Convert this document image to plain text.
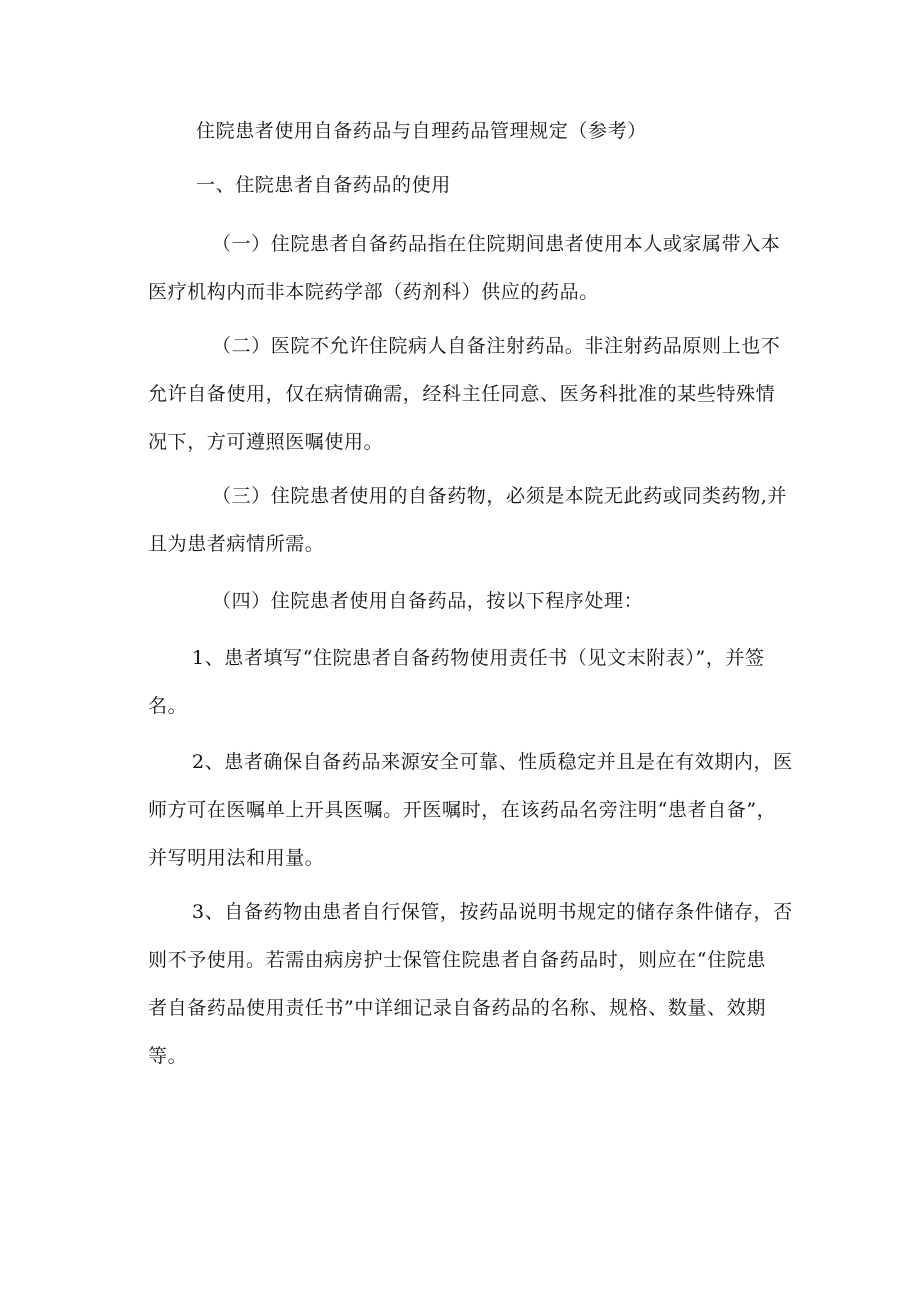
住院患者使用自备药品与自理药品管理规定（参考）
一、住院患者自备药品的使用
（一）住院患者自备药品指在住院期间患者使用本人或家属带入本
医疗机构内而非本院药学部（药剂科）供应的药品。
（二）医院不允许住院病人自备注射药品。非注射药品原则上也不
允许自备使用，仅在病情确需，经科主任同意、医务科批准的某些特殊情
况下，方可遵照医嘱使用。
（三）住院患者使用的自备药物，必须是本院无此药或同类药物,并
且为患者病情所需。
（四）住院患者使用自备药品，按以下程序处理：
1、患者填写“住院患者自备药物使用责任书（见文末附表）”，并签
名。
2、患者确保自备药品来源安全可靠、性质稳定并且是在有效期内，医
师方可在医嘱单上开具医嘱。开医嘱时，在该药品名旁注明“患者自备”，
并写明用法和用量。
3、自备药物由患者自行保管，按药品说明书规定的储存条件储存，否
则不予使用。若需由病房护士保管住院患者自备药品时，则应在“住院患
者自备药品使用责任书”中详细记录自备药品的名称、规格、数量、效期
等。
